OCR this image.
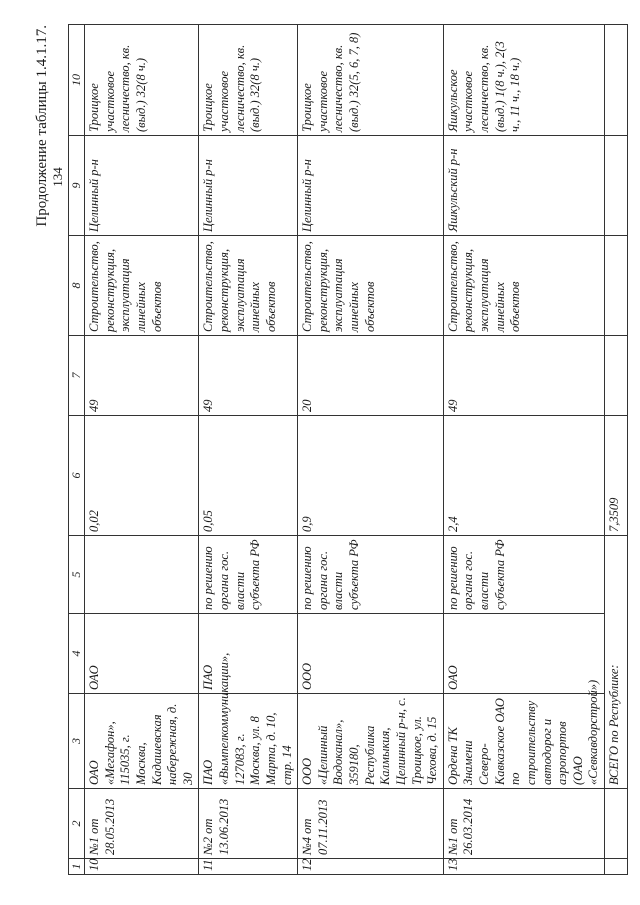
134
Продолжение таблицы 1.4.1.17.
1	2	3	4	5	6	7	8	9	10
10	№1 от 28.05.2013	ОАО «Мегафон», 115035, г. Москва, Кадашевская набережная, д. 30	ОАО		0,02	49	Строительство, реконструкция, эксплуатация линейных объектов	Целинный р-н	Троицкое участковое лесничество, кв.(выд.) 32(8 ч.)
11	№2 от 13.06.2013	ПАО «Вымпелкоммуникации», 127083, г. Москва, ул. 8 Марта, д. 10, стр. 14	ПАО	по решению органа гос. власти субъекта РФ	0,05	49	Строительство, реконструкция, эксплуатация линейных объектов	Целинный р-н	Троицкое участковое лесничество, кв.(выд.) 32(8 ч.)
12	№4 от 07.11.2013	ООО «Целинный Водоканал», 359180, Республика Калмыкия, Целинный р-н, с. Троицкое, ул. Чехова, д. 15	ООО	по решению органа гос. власти субъекта РФ	0,9	20	Строительство, реконструкция, эксплуатация линейных объектов	Целинный р-н	Троицкое участковое лесничество, кв.(выд.) 32(5, 6, 7, 8)
13	№1 от 26.03.2014	Ордена ТК Знамени Северо-Кавказское ОАО по строительству автодорог и аэропортов (ОАО «Севкавдорстрой»)	ОАО	по решению органа гос. власти субъекта РФ	2,4	49	Строительство, реконструкция, эксплуатация линейных объектов	Яшкульский р-н	Яшкульское участковое лесничество, кв.(выд.) 1(8 ч.), 2(3 ч., 11 ч., 18 ч.)
		ВСЕГО по Республике:			7,3509				
